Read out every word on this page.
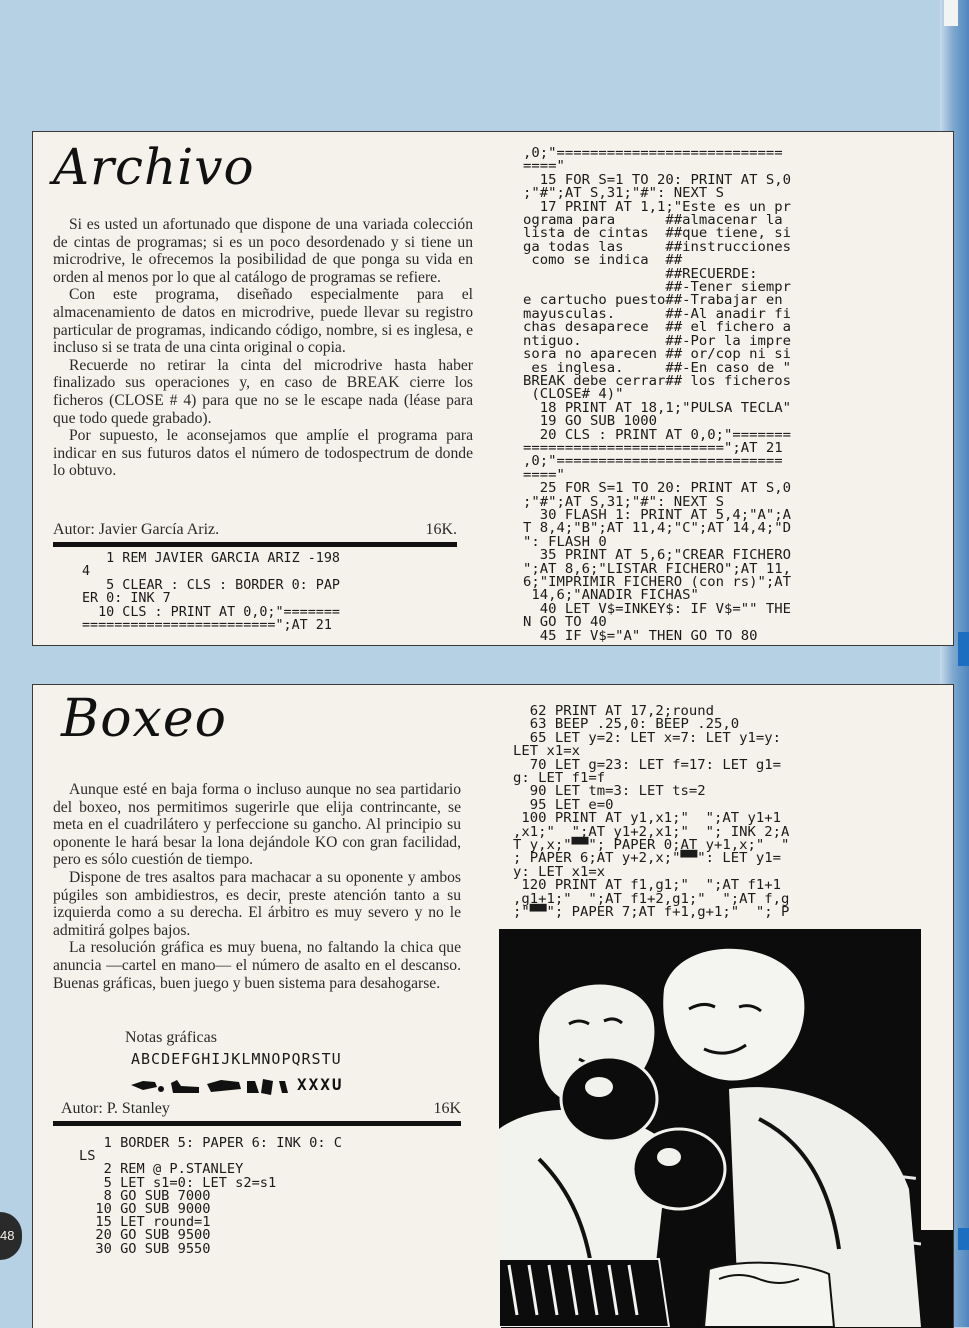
Archivo

Si es usted un afortunado que dispone de una variada colección de cintas de programas; si es un poco desordenado y si tiene un microdrive, le ofrecemos la posibilidad de que ponga su vida en orden al menos por lo que al catálogo de programas se refiere.

Con este programa, diseñado especialmente para el almacenamiento de datos en microdrive, puede llevar su registro particular de programas, indicando código, nombre, si es inglesa, e incluso si se trata de una cinta original o copia.

Recuerde no retirar la cinta del microdrive hasta haber finalizado sus operaciones y, en caso de BREAK cierre los ficheros (CLOSE # 4) para que no se le escape nada (léase para que todo quede grabado).

Por supuesto, le aconsejamos que amplíe el programa para indicar en sus futuros datos el número de todospectrum de donde lo obtuvo.

Autor: Javier García Ariz.	16K.
1 REM JAVIER GARCIA ARIZ -198
4
5 CLEAR : CLS : BORDER 0: PAP
ER 0: INK 7
10 CLS : PRINT AT 0,0;"=======
========================";AT 21
,0;"===========================
===="
15 FOR S=1 TO 20: PRINT AT S,0
;"#";AT S,31;"#": NEXT S
17 PRINT AT 1,1;"Este es un pr
ograma para      ##almacenar la
lista de cintas  ##que tiene, si
ga todas las     ##instrucciones
como se indica  ##
##RECUERDE:
##-Tener siempr
e cartucho puesto##-Trabajar en
mayusculas.      ##-Al anadir fi
chas desaparece  ## el fichero a
ntiguo.          ##-Por la impre
sora no aparecen ## or/cop ni si
es inglesa.     ##-En caso de "
BREAK debe cerrar## los ficheros
(CLOSE# 4)"
18 PRINT AT 18,1;"PULSA TECLA"
19 GO SUB 1000
20 CLS : PRINT AT 0,0;"=======
========================";AT 21
,0;"===========================
===="
25 FOR S=1 TO 20: PRINT AT S,0
;"#";AT S,31;"#": NEXT S
30 FLASH 1: PRINT AT 5,4;"A";A
T 8,4;"B";AT 11,4;"C";AT 14,4;"D
": FLASH 0
35 PRINT AT 5,6;"CREAR FICHERO
";AT 8,6;"LISTAR FICHERO";AT 11,
6;"IMPRIMIR FICHERO (con rs)";AT
14,6;"ANADIR FICHAS"
40 LET V$=INKEY$: IF V$="" THE
N GO TO 40
45 IF V$="A" THEN GO TO 80
Boxeo

Aunque esté en baja forma o incluso aunque no sea partidario del boxeo, nos permitimos sugerirle que elija contrincante, se meta en el cuadrilátero y perfeccione su gancho. Al principio su oponente le hará besar la lona dejándole KO con gran facilidad, pero es sólo cuestión de tiempo.

Dispone de tres asaltos para machacar a su oponente y ambos púgiles son ambidiestros, es decir, preste atención tanto a su izquierda como a su derecha. El árbitro es muy severo y no le admitirá golpes bajos.

La resolución gráfica es muy buena, no faltando la chica que anuncia —cartel en mano— el número de asalto en el descanso. Buenas gráficas, buen juego y buen sistema para desahogarse.

Notas gráficas
ABCDEFGHIJKLMNOPQRSTU
XXXU
Autor: P. Stanley	16K
1 BORDER 5: PAPER 6: INK 0: C
LS
2 REM @ P.STANLEY
5 LET s1=0: LET s2=s1
8 GO SUB 7000
10 GO SUB 9000
15 LET round=1
20 GO SUB 9500
30 GO SUB 9550
62 PRINT AT 17,2;round
63 BEEP .25,0: BEEP .25,0
65 LET y=2: LET x=7: LET y1=y:
LET x1=x
70 LET g=23: LET f=17: LET g1=
g: LET f1=f
90 LET tm=3: LET ts=2
95 LET e=0
100 PRINT AT y1,x1;"  ";AT y1+1
,x1;"  ";AT y1+2,x1;"  "; INK 2;A
T y,x;"▀▀"; PAPER 0;AT y+1,x;"  "
; PAPER 6;AT y+2,x;"▀▀": LET y1=
y: LET x1=x
120 PRINT AT f1,g1;"  ";AT f1+1
,g1+1;"  ";AT f1+2,g1;"  ";AT f,g
;"▀▀"; PAPER 7;AT f+1,g+1;"  "; P
48
